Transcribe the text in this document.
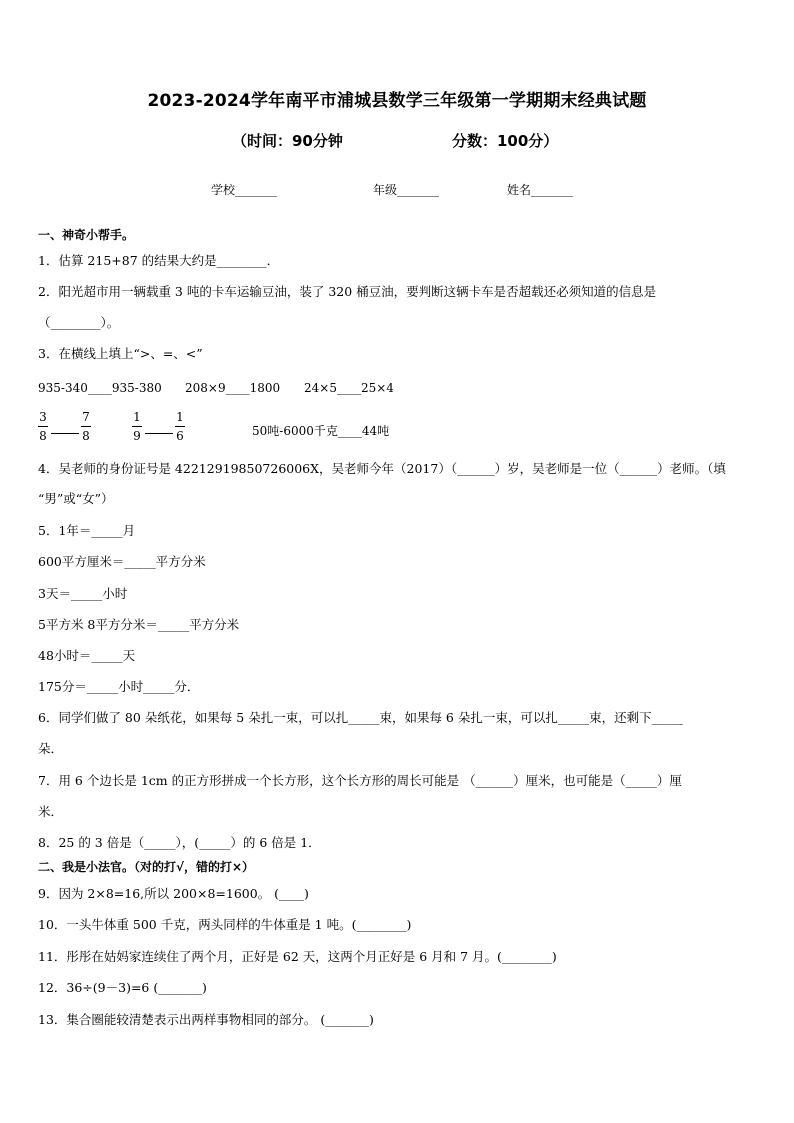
2023-2024学年南平市浦城县数学三年级第一学期期末经典试题
（时间：90分钟	分数：100分）
学校_______	年级_______	姓名_______
一、神奇小帮手。
1．估算 215+87 的结果大约是________．
2．阳光超市用一辆载重 3 吨的卡车运输豆油，装了 320 桶豆油，要判断这辆卡车是否超载还必须知道的信息是
（________）。
3．在横线上填上“>、=、<”
935-340____935-380 208×9____1800 24×5____25×4
3
8
7
8
1
9
1
6	50吨-6000千克____44吨
4．吴老师的身份证号是 42212919850726006X，吴老师今年（2017）（______）岁，吴老师是一位（______）老师。（填
“男”或“女”）
5．1年＝_____月
600平方厘米＝_____平方分米
3天＝_____小时
5平方米 8平方分米＝_____平方分米
48小时＝_____天
175分＝_____小时_____分．
6．同学们做了 80 朵纸花，如果每 5 朵扎一束，可以扎_____束，如果每 6 朵扎一束，可以扎_____束，还剩下_____
朵．
7．用 6 个边长是 1cm 的正方形拼成一个长方形，这个长方形的周长可能是 （______）厘米，也可能是（_____）厘
米．
8．25 的 3 倍是（_____），(_____）的 6 倍是 1．
二、我是小法官。（对的打√，错的打×）
9．因为 2×8=16,所以 200×8=1600。 (____)
10．一头牛体重 500 千克，两头同样的牛体重是 1 吨。(________)
11．彤彤在姑妈家连续住了两个月，正好是 62 天，这两个月正好是 6 月和 7 月。(________)
12．36÷(9－3)=6 (_______)
13．集合圈能较清楚表示出两样事物相同的部分。 (_______)
